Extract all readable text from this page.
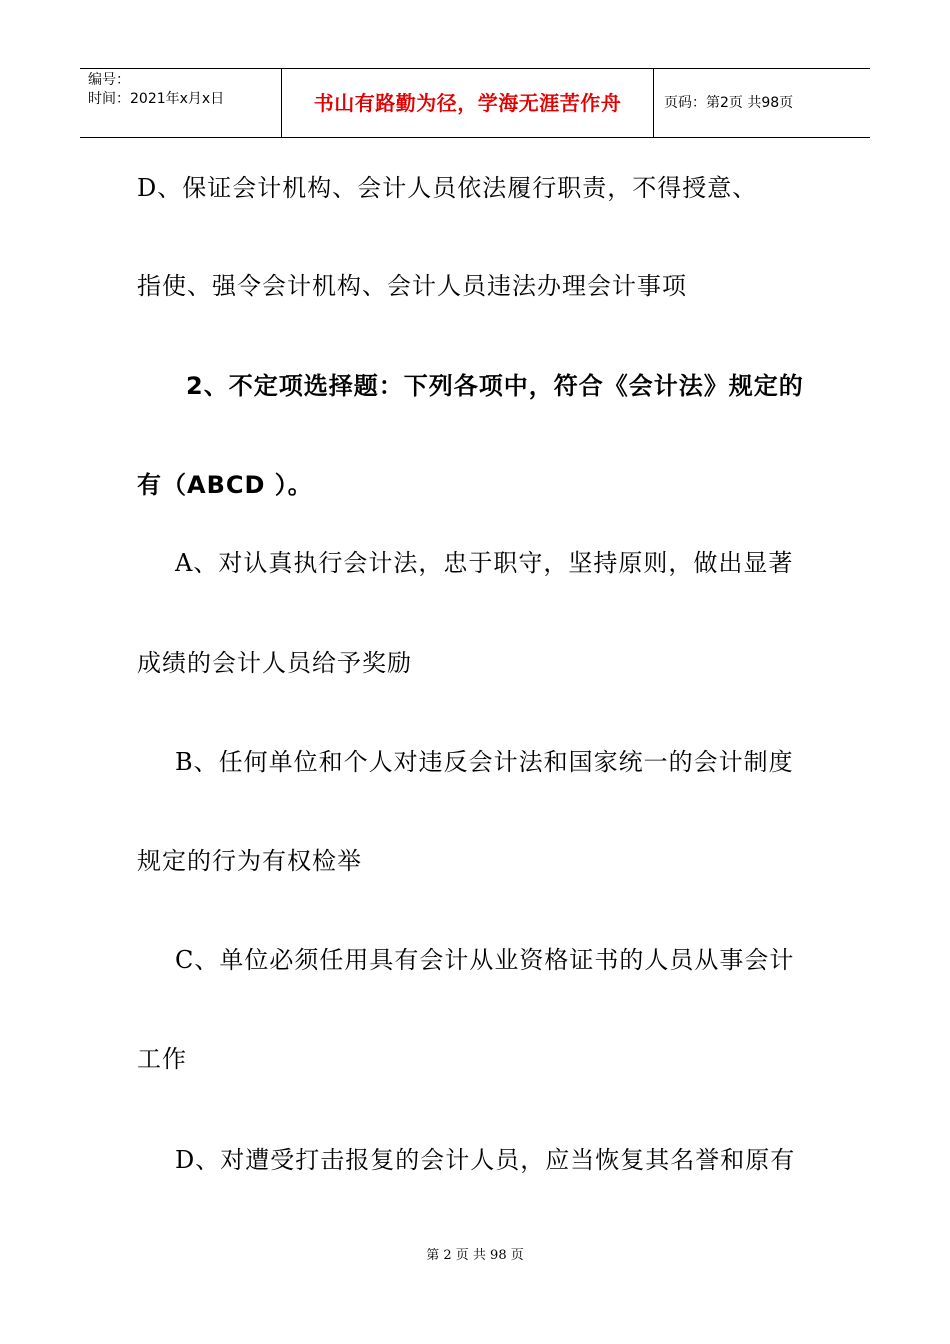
编号：
时间：2021年x月x日	书山有路勤为径，学海无涯苦作舟	页码：第2页 共98页
D、保证会计机构、会计人员依法履行职责，不得授意、
指使、强令会计机构、会计人员违法办理会计事项
2、不定项选择题：下列各项中，符合《会计法》规定的
有（ABCD ）。
A、对认真执行会计法，忠于职守，坚持原则，做出显著
成绩的会计人员给予奖励
B、任何单位和个人对违反会计法和国家统一的会计制度
规定的行为有权检举
C、单位必须任用具有会计从业资格证书的人员从事会计
工作
D、对遭受打击报复的会计人员，应当恢复其名誉和原有
第 2 页 共 98 页
